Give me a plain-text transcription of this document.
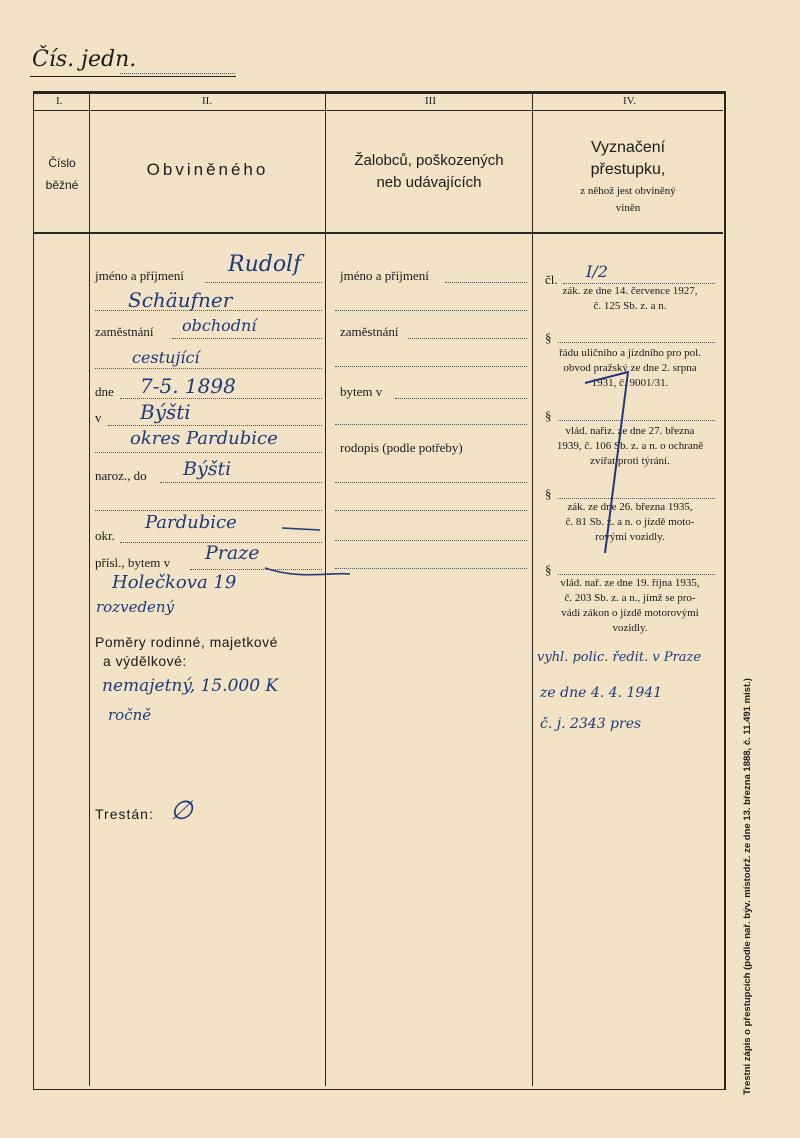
Čís. jedn.
I.	II.	III	IV.
Číslo
běžné
Obviněného	Žalobců, poškozených
neb udávajících
Vyznačení
přestupku,
z něhož jest obviněný
viněn
jméno a příjmení Rudolf
Schäufner
zaměstnání obchodní
cestující
dne 7-5. 1898
v Býšti
okres Pardubice
naroz., do Býšti
okr.
Pardubice
přísl., bytem v Praze
Holečkova 19
rozvedený
Poměry rodinné, majetkové
a výdělkové:
nemajetný, 15.000 K
ročně
Trestán: ∅
jméno a příjmení
zaměstnání
bytem v
rodopis (podle potřeby)
čl. I/2
zák. ze dne 14. července 1927,
č. 125 Sb. z. a n.
§
řádu uličního a jízdního pro pol.
obvod pražský ze dne 2. srpna
1931, č. 9001/31.
§
vlád. nařiz. ze dne 27. března
1939, č. 106 Sb. z. a n. o ochraně
zvířat proti týrání.
§
zák. ze dne 26. března 1935,
č. 81 Sb. z. a n. o jízdě moto-
rovými vozidly.
§
vlád. nař. ze dne 19. října 1935,
č. 203 Sb. z. a n., jímž se pro-
vádí zákon o jízdě motorovými
vozidly.
vyhl. polic. ředit. v Praze
ze dne 4. 4. 1941
č. j. 2343 pres	Trestní zápis o přestupcích (podle nař. býv. místodrž. ze dne 13. března 1888, č. 11.491 míst.)
